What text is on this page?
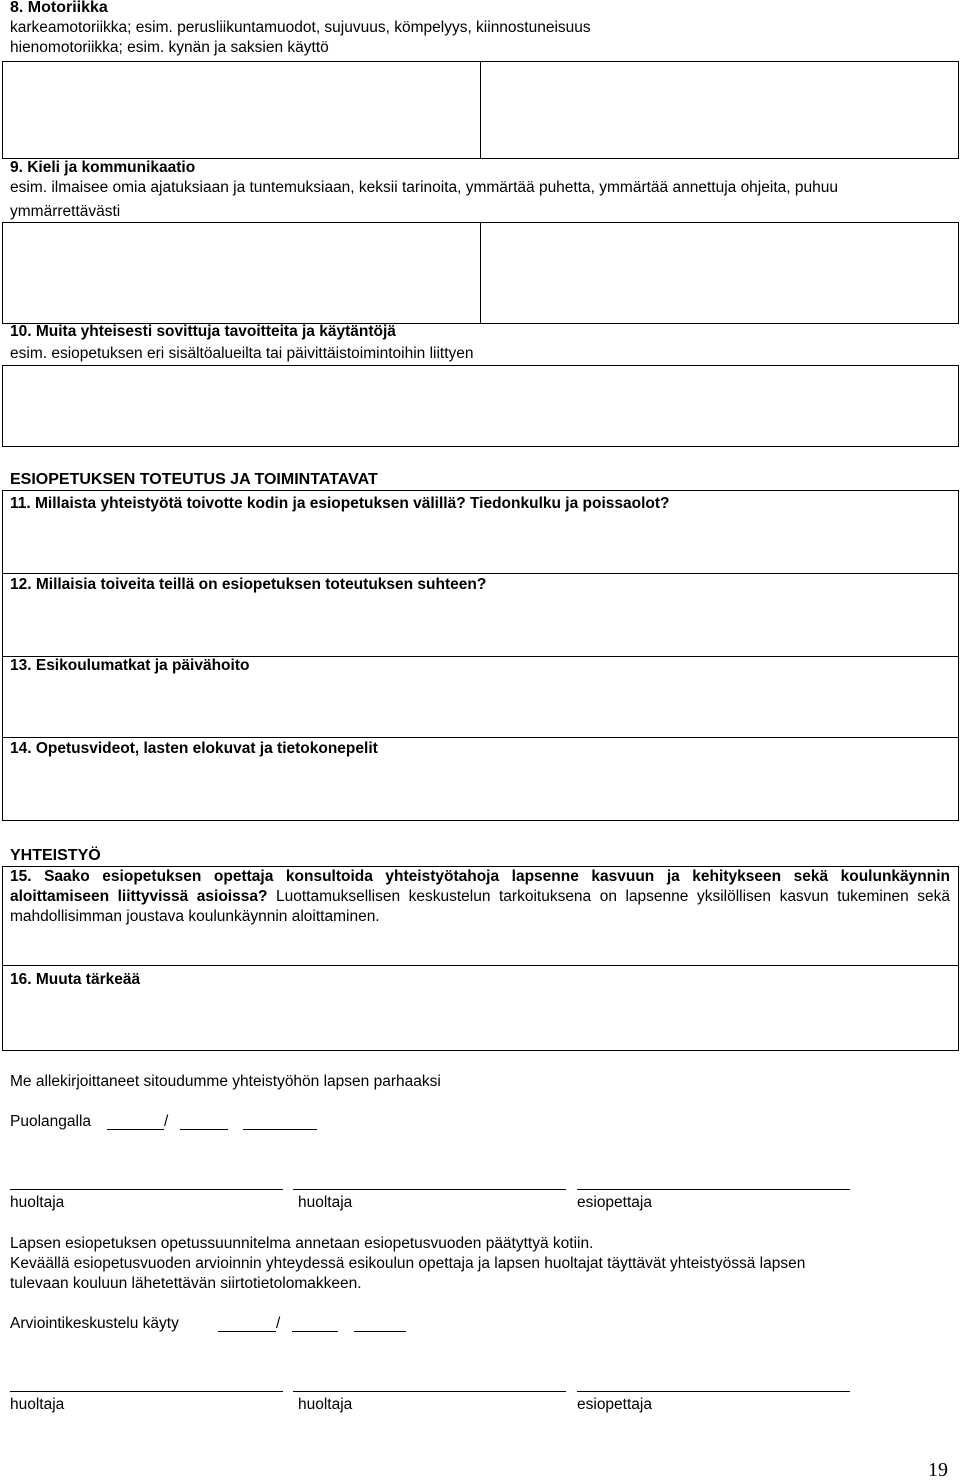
8. Motoriikka
karkeamotoriikka; esim. perusliikuntamuodot, sujuvuus, kömpelyys, kiinnostuneisuus
hienomotoriikka; esim. kynän ja saksien käyttö
9. Kieli ja kommunikaatio
esim. ilmaisee omia ajatuksiaan ja tuntemuksiaan, keksii tarinoita, ymmärtää puhetta, ymmärtää annettuja ohjeita, puhuu
ymmärrettävästi
10. Muita yhteisesti sovittuja tavoitteita ja käytäntöjä
esim. esiopetuksen eri sisältöalueilta tai päivittäistoimintoihin liittyen
ESIOPETUKSEN TOTEUTUS JA TOIMINTATAVAT
11. Millaista yhteistyötä toivotte kodin ja esiopetuksen välillä? Tiedonkulku ja poissaolot?
12. Millaisia toiveita teillä on esiopetuksen toteutuksen suhteen?
13. Esikoulumatkat ja päivähoito
14. Opetusvideot, lasten elokuvat ja tietokonepelit
YHTEISTYÖ
15. Saako esiopetuksen opettaja konsultoida yhteistyötahoja lapsenne kasvuun ja kehitykseen sekä koulunkäynnin aloittamiseen liittyvissä asioissa? Luottamuksellisen keskustelun tarkoituksena on lapsenne yksilöllisen kasvun tukeminen sekä mahdollisimman joustava koulunkäynnin aloittaminen.
16. Muuta tärkeää
Me allekirjoittaneet sitoudumme yhteistyöhön lapsen parhaaksi
Puolangalla	/
huoltaja	huoltaja	esiopettaja
Lapsen esiopetuksen opetussuunnitelma annetaan esiopetusvuoden päätyttyä kotiin.
Keväällä esiopetusvuoden arvioinnin yhteydessä esikoulun opettaja ja lapsen huoltajat täyttävät yhteistyössä lapsen
tulevaan kouluun lähetettävän siirtotietolomakkeen.
Arviointikeskustelu käyty	/
huoltaja	huoltaja	esiopettaja
19
